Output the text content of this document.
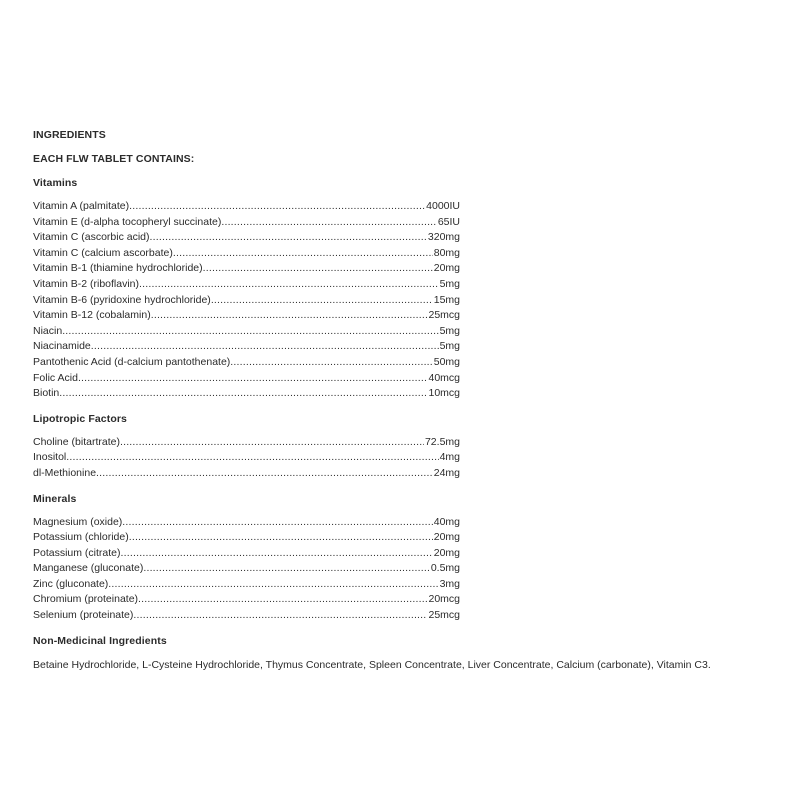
INGREDIENTS
EACH FLW TABLET CONTAINS:
Vitamins
Vitamin A (palmitate) .....	4000IU
Vitamin E (d-alpha tocopheryl succinate) .....	65IU
Vitamin C (ascorbic acid) .....	320mg
Vitamin C (calcium ascorbate) .....	80mg
Vitamin B-1 (thiamine hydrochloride) .....	20mg
Vitamin B-2 (riboflavin) .....	5mg
Vitamin B-6 (pyridoxine hydrochloride) .....	15mg
Vitamin B-12 (cobalamin) .....	25mcg
Niacin .....	5mg
Niacinamide .....	5mg
Pantothenic Acid (d-calcium pantothenate) .....	50mg
Folic Acid .....	40mcg
Biotin .....	10mcg
Lipotropic Factors
Choline (bitartrate) .....	72.5mg
Inositol .....	4mg
dl-Methionine .....	24mg
Minerals
Magnesium (oxide) .....	40mg
Potassium (chloride) .....	20mg
Potassium (citrate) .....	20mg
Manganese (gluconate) .....	0.5mg
Zinc (gluconate) .....	3mg
Chromium (proteinate) .....	20mcg
Selenium (proteinate) .....	25mcg
Non-Medicinal Ingredients

Betaine Hydrochloride, L-Cysteine Hydrochloride, Thymus Concentrate, Spleen Concentrate, Liver Concentrate, Calcium (carbonate), Vitamin C3.
